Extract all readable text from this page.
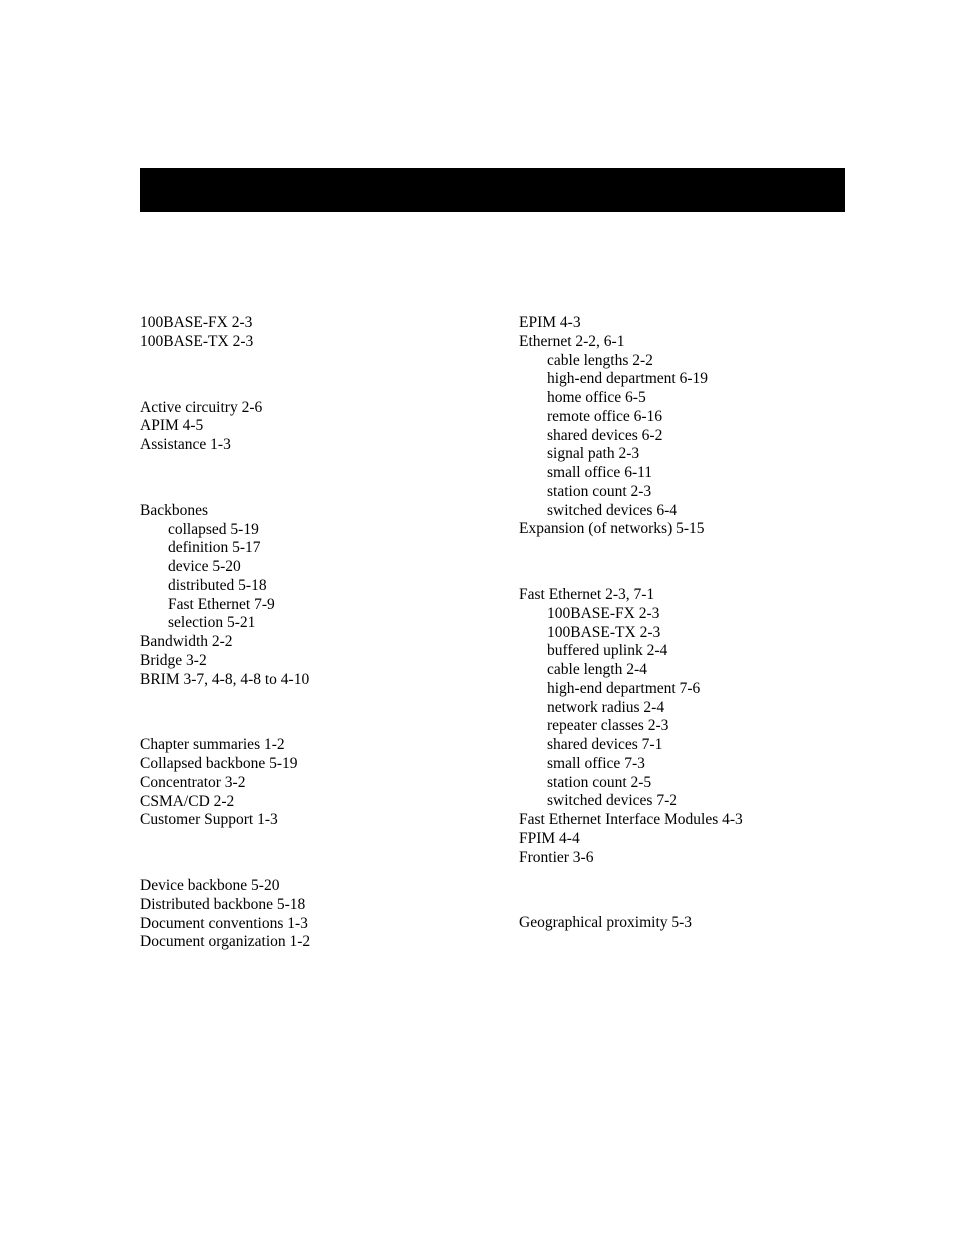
100BASE-FX 2-3
100BASE-TX 2-3
Active circuitry 2-6
APIM 4-5
Assistance 1-3
Backbones
collapsed 5-19
definition 5-17
device 5-20
distributed 5-18
Fast Ethernet 7-9
selection 5-21
Bandwidth 2-2
Bridge 3-2
BRIM 3-7, 4-8, 4-8 to 4-10
Chapter summaries 1-2
Collapsed backbone 5-19
Concentrator 3-2
CSMA/CD 2-2
Customer Support 1-3
Device backbone 5-20
Distributed backbone 5-18
Document conventions 1-3
Document organization 1-2
EPIM 4-3
Ethernet 2-2, 6-1
cable lengths 2-2
high-end department 6-19
home office 6-5
remote office 6-16
shared devices 6-2
signal path 2-3
small office 6-11
station count 2-3
switched devices 6-4
Expansion (of networks) 5-15
Fast Ethernet 2-3, 7-1
100BASE-FX 2-3
100BASE-TX 2-3
buffered uplink 2-4
cable length 2-4
high-end department 7-6
network radius 2-4
repeater classes 2-3
shared devices 7-1
small office 7-3
station count 2-5
switched devices 7-2
Fast Ethernet Interface Modules 4-3
FPIM 4-4
Frontier 3-6
Geographical proximity 5-3
